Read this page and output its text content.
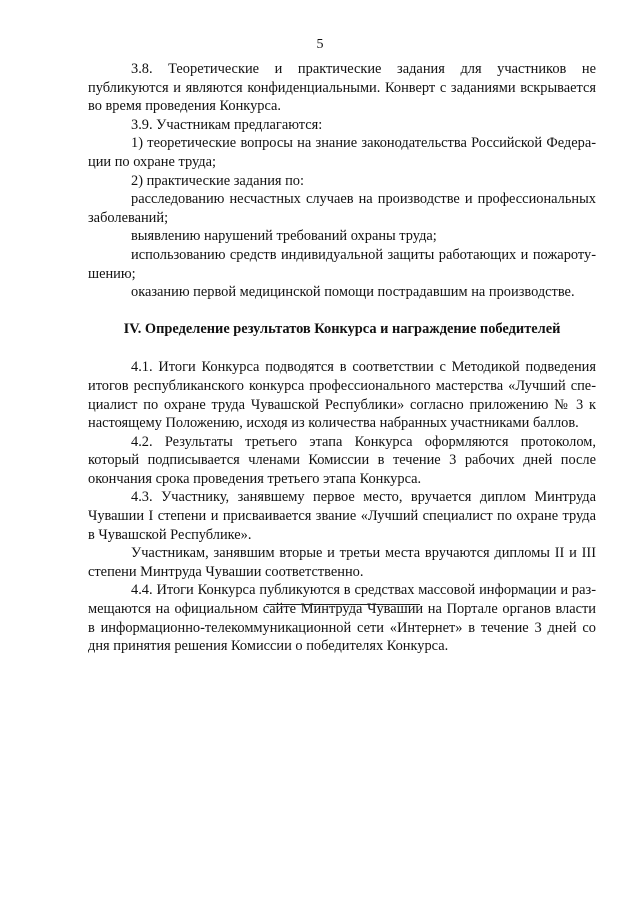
5

3.8. Теоретические и практические задания для участников не публикуются и являются конфиденциальными. Конверт с заданиями вскрывается во время проведения Конкурса.

3.9. Участникам предлагаются:

1) теоретические вопросы на знание законодательства Российской Федерации по охране труда;

2) практические задания по:

расследованию несчастных случаев на производстве и профессиональных заболеваний;

выявлению нарушений требований охраны труда;

использованию средств индивидуальной защиты работающих и пожаротушению;

оказанию первой медицинской помощи пострадавшим на производстве.

IV. Определение результатов Конкурса и награждение победителей

4.1. Итоги Конкурса подводятся в соответствии с Методикой подведения итогов республиканского конкурса профессионального мастерства «Лучший специалист по охране труда Чувашской Республики» согласно приложению № 3 к настоящему Положению, исходя из количества набранных участниками баллов.

4.2. Результаты третьего этапа Конкурса оформляются протоколом, который подписывается членами Комиссии в течение 3 рабочих дней после окончания срока проведения третьего этапа Конкурса.

4.3. Участнику, занявшему первое место, вручается диплом Минтруда Чувашии I степени и присваивается звание «Лучший специалист по охране труда в Чувашской Республике».

Участникам, занявшим вторые и третьи места вручаются дипломы II и III степени Минтруда Чувашии соответственно.

4.4. Итоги Конкурса публикуются в средствах массовой информации и размещаются на официальном сайте Минтруда Чувашии на Портале органов власти в информационно-телекоммуникационной сети «Интернет» в течение 3 дней со дня принятия решения Комиссии о победителях Конкурса.
